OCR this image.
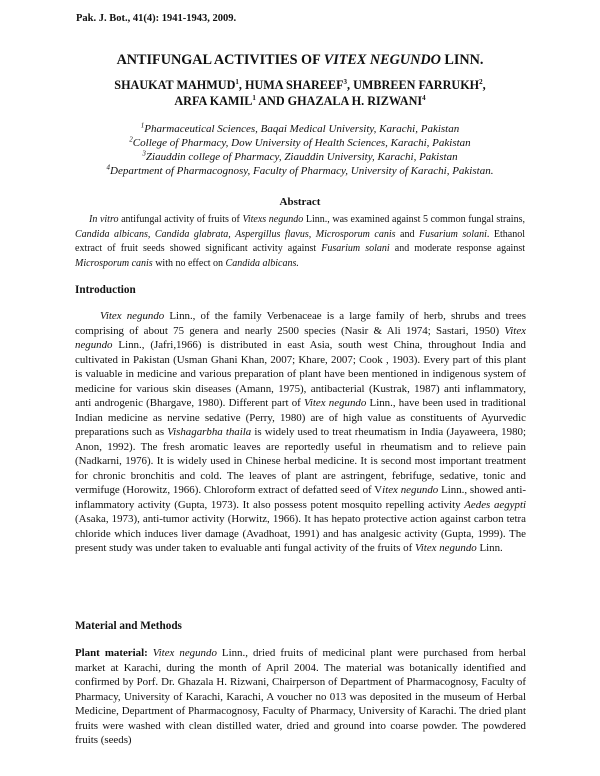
Pak. J. Bot., 41(4): 1941-1943, 2009.
ANTIFUNGAL ACTIVITIES OF VITEX NEGUNDO LINN.
SHAUKAT MAHMUD$^1$, HUMA SHAREEF$^3$, UMBREEN FARRUKH$^2$,
ARFA KAMIL$^1$ AND GHAZALA H. RIZWANI$^4$
$^1$Pharmaceutical Sciences, Baqai Medical University, Karachi, Pakistan
$^2$College of Pharmacy, Dow University of Health Sciences, Karachi, Pakistan
$^3$Ziauddin college of Pharmacy, Ziauddin University, Karachi, Pakistan
$^4$Department of Pharmacognosy, Faculty of Pharmacy, University of Karachi, Pakistan.
Abstract

In vitro antifungal activity of fruits of Vitexs negundo Linn., was examined against 5 common fungal strains, Candida albicans, Candida glabrata, Aspergillus flavus, Microsporum canis and Fusarium solani. Ethanol extract of fruit seeds showed significant activity against Fusarium solani and moderate response against Microsporum canis with no effect on Candida albicans.

Introduction

Vitex negundo Linn., of the family Verbenaceae is a large family of herb, shrubs and trees comprising of about 75 genera and nearly 2500 species (Nasir & Ali 1974; Sastari, 1950) Vitex negundo Linn., (Jafri,1966) is distributed in east Asia, south west China, throughout India and cultivated in Pakistan (Usman Ghani Khan, 2007; Khare, 2007; Cook , 1903). Every part of this plant is valuable in medicine and various preparation of plant have been mentioned in indigenous system of medicine for various skin diseases (Amann, 1975), antibacterial (Kustrak, 1987) anti inflammatory, anti androgenic (Bhargave, 1980). Different part of Vitex negundo Linn., have been used in traditional Indian medicine as nervine sedative (Perry, 1980) are of high value as constituents of Ayurvedic preparations such as Vishagarbha thaila is widely used to treat rheumatism in India (Jayaweera, 1980; Anon, 1992). The fresh aromatic leaves are reportedly useful in rheumatism and to relieve pain (Nadkarni, 1976). It is widely used in Chinese herbal medicine. It is second most important treatment for chronic bronchitis and cold. The leaves of plant are astringent, febrifuge, sedative, tonic and vermifuge (Horowitz, 1966). Chloroform extract of defatted seed of Vitex negundo Linn., showed anti-inflammatory activity (Gupta, 1973). It also possess potent mosquito repelling activity Aedes aegypti (Asaka, 1973), anti-tumor activity (Horwitz, 1966). It has hepato protective action against carbon tetra chloride which induces liver damage (Avadhoat, 1991) and has analgesic activity (Gupta, 1999). The present study was under taken to evaluable anti fungal activity of the fruits of Vitex negundo Linn.

Material and Methods

Plant material: Vitex negundo Linn., dried fruits of medicinal plant were purchased from herbal market at Karachi, during the month of April 2004. The material was botanically identified and confirmed by Porf. Dr. Ghazala H. Rizwani, Chairperson of Department of Pharmacognosy, Faculty of Pharmacy, University of Karachi, Karachi, A voucher no 013 was deposited in the museum of Herbal Medicine, Department of Pharmacognosy, Faculty of Pharmacy, University of Karachi. The dried plant fruits were washed with clean distilled water, dried and ground into coarse powder. The powdered fruits (seeds)
